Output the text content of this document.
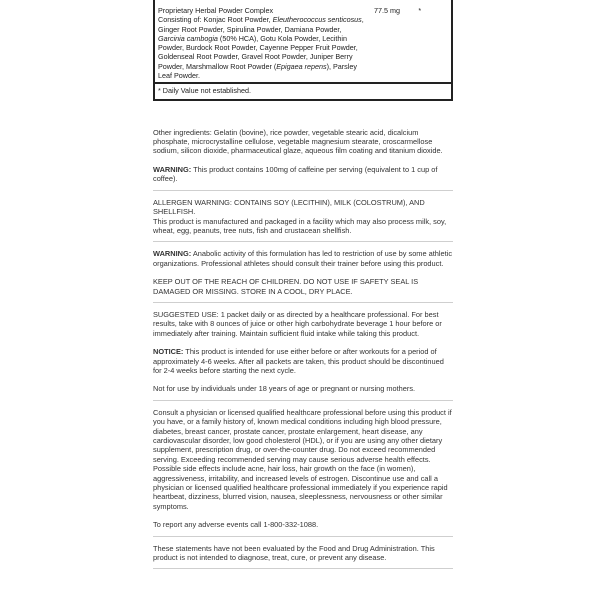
Proprietary Herbal Powder Complex
Consisting of: Konjac Root Powder, Eleutherococcus senticosus, Ginger Root Powder, Spirulina Powder, Damiana Powder, Garcinia cambogia (50% HCA), Gotu Kola Powder, Lecithin Powder, Burdock Root Powder, Cayenne Pepper Fruit Powder, Goldenseal Root Powder, Gravel Root Powder, Juniper Berry Powder, Marshmallow Root Powder (Epigaea repens), Parsley Leaf Powder.
77.5 mg	*
* Daily Value not established.
Other ingredients: Gelatin (bovine), rice powder, vegetable stearic acid, dicalcium phosphate, microcrystalline cellulose, vegetable magnesium stearate, croscarmellose sodium, silicon dioxide, pharmaceutical glaze, aqueous film coating and titanium dioxide.
WARNING: This product contains 100mg of caffeine per serving (equivalent to 1 cup of coffee).

ALLERGEN WARNING: CONTAINS SOY (LECITHIN), MILK (COLOSTRUM), AND SHELLFISH.

This product is manufactured and packaged in a facility which may also process milk, soy, wheat, egg, peanuts, tree nuts, fish and crustacean shellfish.

WARNING: Anabolic activity of this formulation has led to restriction of use by some athletic organizations. Professional athletes should consult their trainer before using this product.
KEEP OUT OF THE REACH OF CHILDREN. DO NOT USE IF SAFETY SEAL IS DAMAGED OR MISSING. STORE IN A COOL, DRY PLACE.
SUGGESTED USE: 1 packet daily or as directed by a healthcare professional. For best results, take with 8 ounces of juice or other high carbohydrate beverage 1 hour before or immediately after training. Maintain sufficient fluid intake while taking this product.
NOTICE: This product is intended for use either before or after workouts for a period of approximately 4-6 weeks. After all packets are taken, this product should be discontinued for 2-4 weeks before starting the next cycle.
Not for use by individuals under 18 years of age or pregnant or nursing mothers.
Consult a physician or licensed qualified healthcare professional before using this product if you have, or a family history of, known medical conditions including high blood pressure, diabetes, breast cancer, prostate cancer, prostate enlargement, heart disease, any cardiovascular disorder, low good cholesterol (HDL), or if you are using any other dietary supplement, prescription drug, or over-the-counter drug. Do not exceed recommended serving. Exceeding recommended serving may cause serious adverse health effects. Possible side effects include acne, hair loss, hair growth on the face (in women), aggressiveness, irritability, and increased levels of estrogen. Discontinue use and call a physician or licensed qualified healthcare professional immediately if you experience rapid heartbeat, dizziness, blurred vision, nausea, sleeplessness, nervousness or other similar symptoms.
To report any adverse events call 1-800-332-1088.
These statements have not been evaluated by the Food and Drug Administration. This product is not intended to diagnose, treat, cure, or prevent any disease.
